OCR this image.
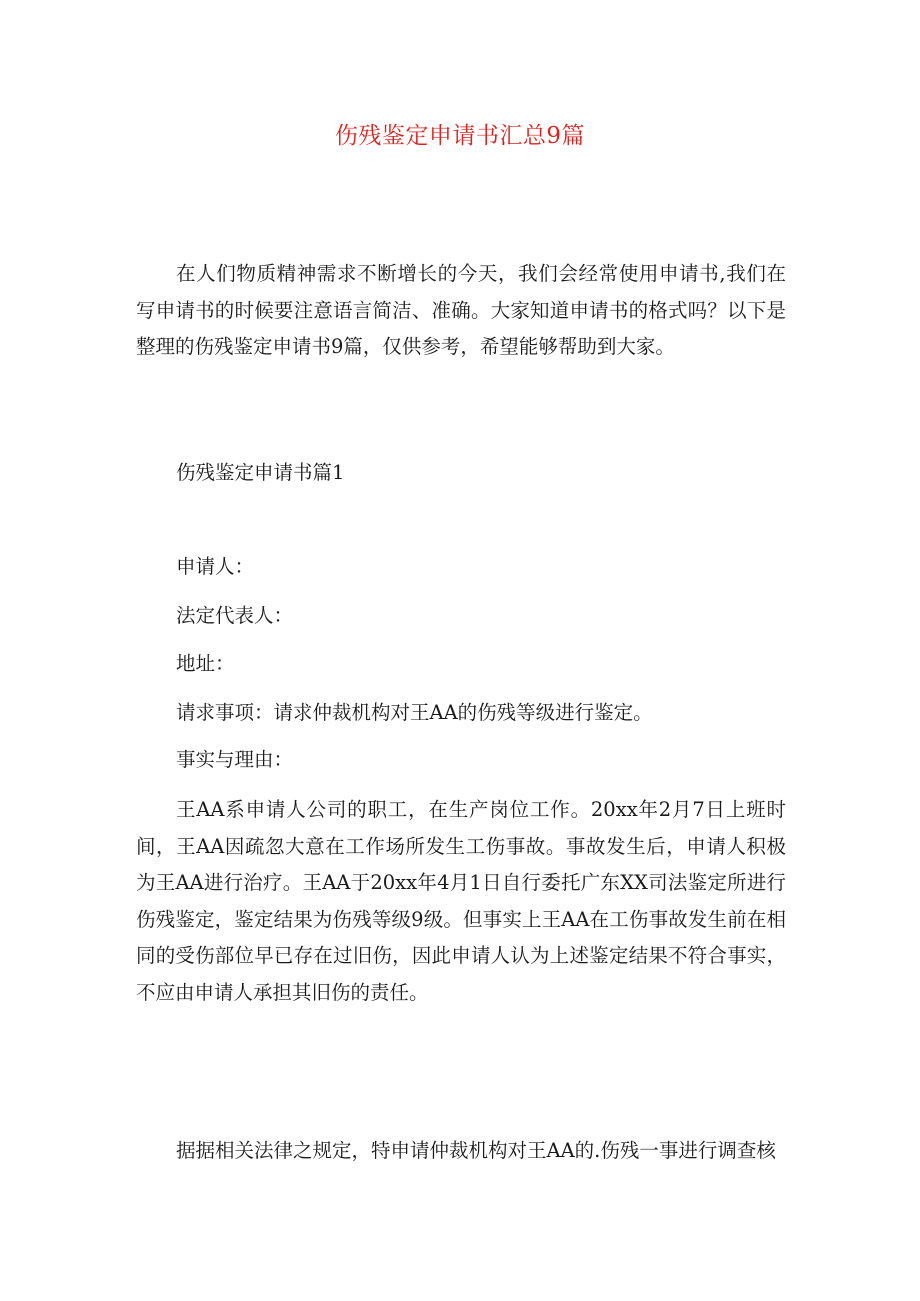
伤残鉴定申请书汇总9篇

在人们物质精神需求不断增长的今天，我们会经常使用申请书,我们在写申请书的时候要注意语言简洁、准确。大家知道申请书的格式吗？以下是整理的伤残鉴定申请书9篇，仅供参考，希望能够帮助到大家。

伤残鉴定申请书篇1

申请人：

法定代表人：

地址：

请求事项：请求仲裁机构对王AA的伤残等级进行鉴定。

事实与理由：

王AA系申请人公司的职工，在生产岗位工作。20xx年2月7日上班时间，王AA因疏忽大意在工作场所发生工伤事故。事故发生后，申请人积极为王AA进行治疗。王AA于20xx年4月1日自行委托广东XX司法鉴定所进行伤残鉴定，鉴定结果为伤残等级9级。但事实上王AA在工伤事故发生前在相同的受伤部位早已存在过旧伤，因此申请人认为上述鉴定结果不符合事实，不应由申请人承担其旧伤的责任。

据据相关法律之规定，特申请仲裁机构对王AA的.伤残一事进行调查核
